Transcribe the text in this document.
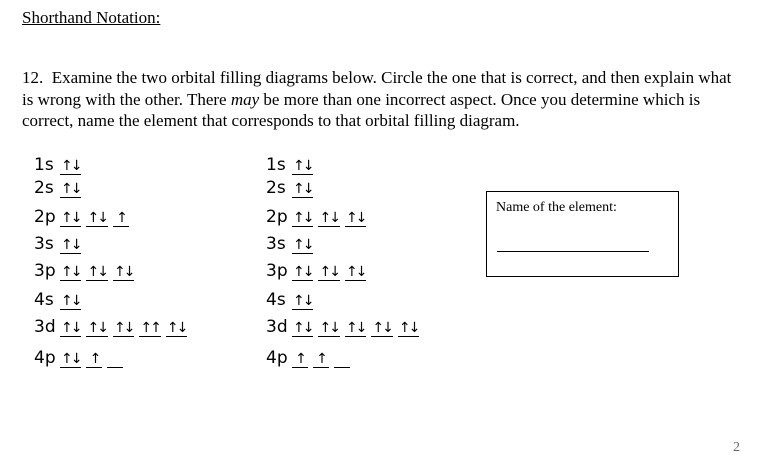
Shorthand Notation:
12. Examine the two orbital filling diagrams below. Circle the one that is correct, and then explain what is wrong with the other. There may be more than one incorrect aspect. Once you determine which is correct, name the element that corresponds to that orbital filling diagram.
1s ↑↓
2s ↑↓
2p ↑↓ ↑↓ ↑
3s ↑↓
3p ↑↓ ↑↓ ↑↓
4s ↑↓
3d ↑↓ ↑↓ ↑↓ ↑↑ ↑↓
4p ↑↓ ↑
1s ↑↓
2s ↑↓
2p ↑↓ ↑↓ ↑↓
3s ↑↓
3p ↑↓ ↑↓ ↑↓
4s ↑↓
3d ↑↓ ↑↓ ↑↓ ↑↓ ↑↓
4p ↑ ↑
Name of the element:
2
